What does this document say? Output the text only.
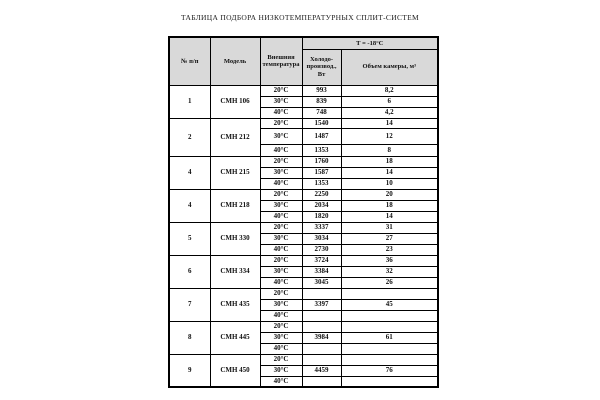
ТАБЛИЦА ПОДБОРА НИЗКОТЕМПЕРАТУРНЫХ СПЛИТ-СИСТЕМ
№ п/п	Модель	Внешняя температура	Т = -18°С	
			Холодо-производ., Вт	Объем камеры, м³
1	СМН 106	20°С	993	8,2
		30°С	839	6
		40°С	748	4,2
2	СМН 212	20°С	1540	14
		30°С	1487	12
		40°С	1353	8
4	СМН 215	20°С	1760	18
		30°С	1587	14
		40°С	1353	10
4	СМН 218	20°С	2250	20
		30°С	2034	18
		40°С	1820	14
5	СМН 330	20°С	3337	31
		30°С	3034	27
		40°С	2730	23
6	СМН 334	20°С	3724	36
		30°С	3384	32
		40°С	3045	26
7	СМН 435	20°С		
		30°С	3397	45
		40°С		
8	СМН 445	20°С		
		30°С	3984	61
		40°С		
9	СМН 450	20°С		
		30°С	4459	76
		40°С		
